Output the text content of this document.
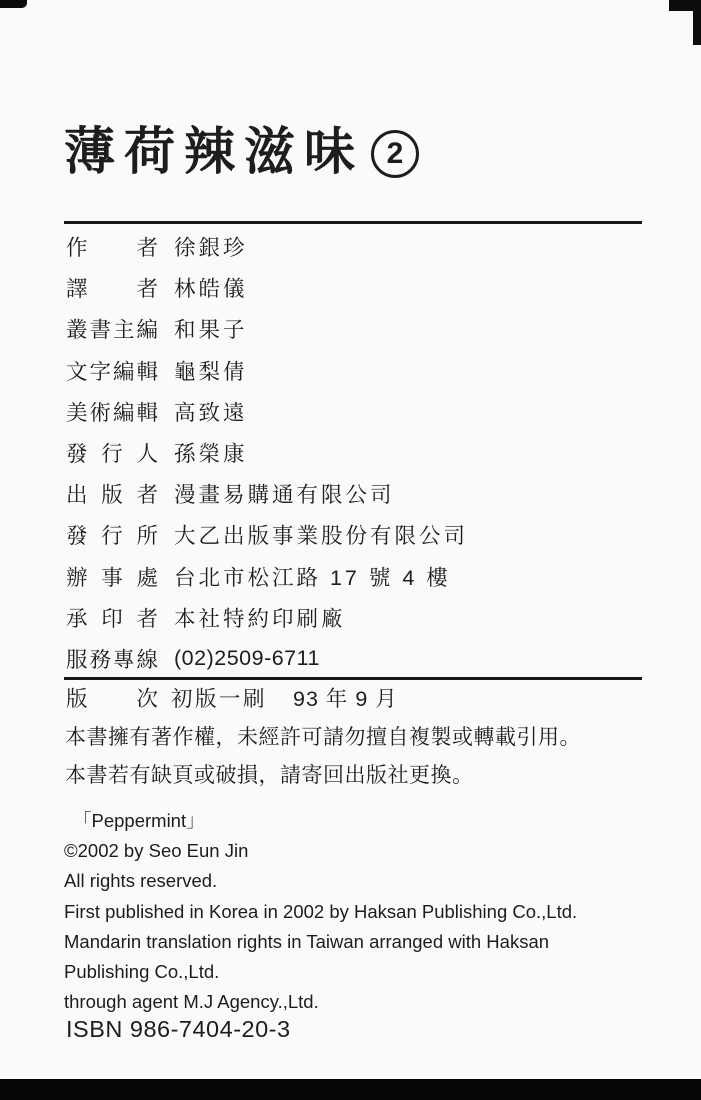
薄荷辣滋味 2
作 者 徐銀珍
譯 者 林皓儀
叢 書 主 編 和果子
文 字 編 輯 龜梨倩
美 術 編 輯 高致遠
發 行 人 孫榮康
出 版 者 漫畫易購通有限公司
發 行 所 大乙出版事業股份有限公司
辦 事 處 台北市松江路 17 號 4 樓
承 印 者 本社特約印刷廠
服 務 專 線 (02)2509-6711
版 次 初版一刷 93 年 9 月
本書擁有著作權，未經許可請勿擅自複製或轉載引用。
本書若有缺頁或破損，請寄回出版社更換。
「Peppermint」
©2002 by Seo Eun Jin
All rights reserved.
First published in Korea in 2002 by Haksan Publishing Co.,Ltd.
Mandarin translation rights in Taiwan arranged with Haksan
Publishing Co.,Ltd.
through agent M.J Agency.,Ltd.
ISBN 986-7404-20-3
